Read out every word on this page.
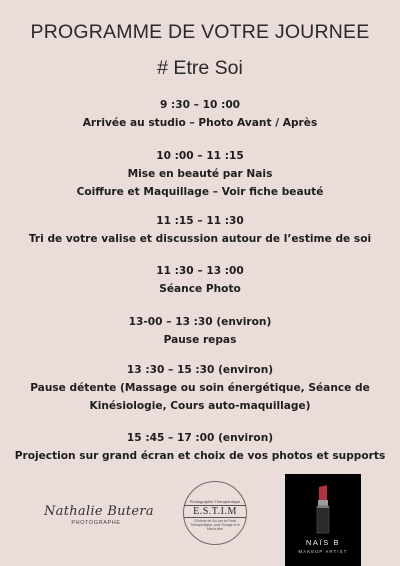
PROGRAMME DE VOTRE JOURNEE
# Etre Soi
9 :30 – 10 :00
Arrivée au studio – Photo Avant / Après
10 :00 – 11 :15
Mise en beauté par Nais
Coiffure et Maquillage – Voir fiche beauté
11 :15 – 11 :30
Tri de votre valise et discussion autour de l’estime de soi
11 :30 – 13 :00
Séance Photo
13-00 – 13 :30 (environ)
Pause repas
13 :30 – 15 :30 (environ)
Pause détente (Massage ou soin énergétique, Séance de
Kinésiologie, Cours auto-maquillage)
15 :45 – 17 :00 (environ)
Projection sur grand écran et choix de vos photos et supports
Nathalie Butera
PHOTOGRAPHE
Photographie Thérapeutique
E.S.T.I.M
L’Estime de Soi par la Photo Thérapeutique, pour l’Image et le Mieux-être
NAÏS B
MAKEUP ARTIST
